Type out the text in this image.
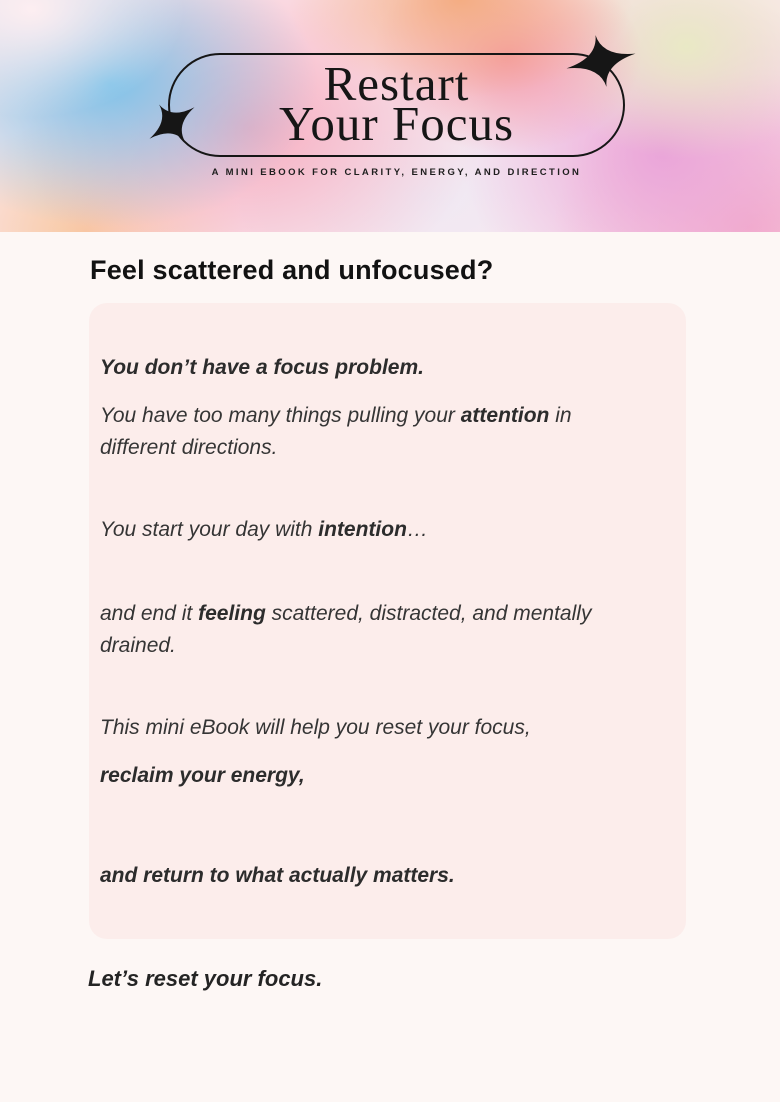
Restart
Your Focus
A MINI EBOOK FOR CLARITY, ENERGY, AND DIRECTION
Feel scattered and unfocused?

You don’t have a focus problem.

You have too many things pulling your attention in different directions.

You start your day with intention…

and end it feeling scattered, distracted, and mentally drained.

This mini eBook will help you reset your focus,

reclaim your energy,

and return to what actually matters.

Let’s reset your focus.
